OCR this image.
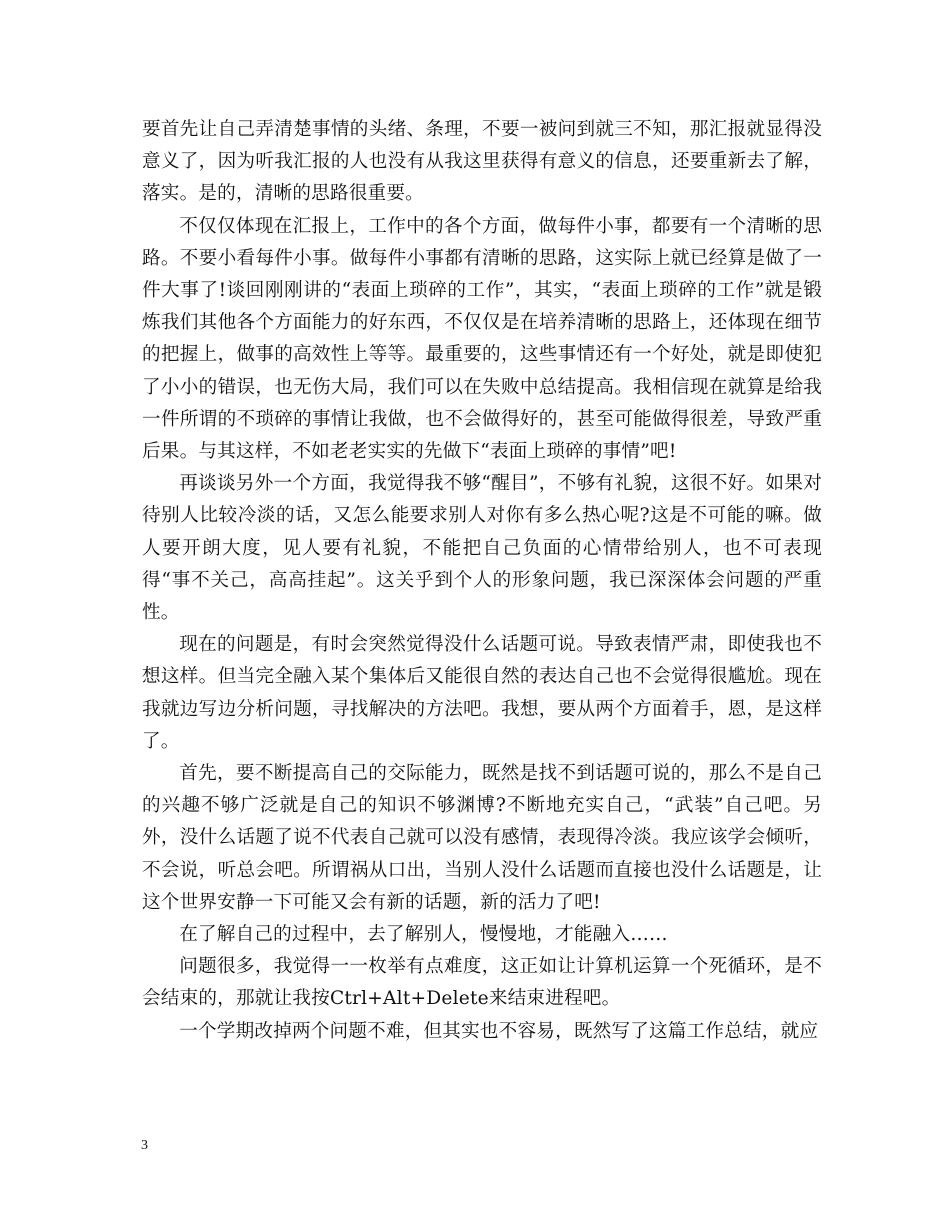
要首先让自己弄清楚事情的头绪、条理，不要一被问到就三不知，那汇报就显得没意义了，因为听我汇报的人也没有从我这里获得有意义的信息，还要重新去了解，落实。是的，清晰的思路很重要。

不仅仅体现在汇报上，工作中的各个方面，做每件小事，都要有一个清晰的思路。不要小看每件小事。做每件小事都有清晰的思路，这实际上就已经算是做了一件大事了!谈回刚刚讲的“表面上琐碎的工作”，其实，“表面上琐碎的工作”就是锻炼我们其他各个方面能力的好东西，不仅仅是在培养清晰的思路上，还体现在细节的把握上，做事的高效性上等等。最重要的，这些事情还有一个好处，就是即使犯了小小的错误，也无伤大局，我们可以在失败中总结提高。我相信现在就算是给我一件所谓的不琐碎的事情让我做，也不会做得好的，甚至可能做得很差，导致严重后果。与其这样，不如老老实实的先做下“表面上琐碎的事情”吧!

再谈谈另外一个方面，我觉得我不够“醒目”，不够有礼貌，这很不好。如果对待别人比较冷淡的话，又怎么能要求别人对你有多么热心呢?这是不可能的嘛。做人要开朗大度，见人要有礼貌，不能把自己负面的心情带给别人，也不可表现得“事不关己，高高挂起”。这关乎到个人的形象问题，我已深深体会问题的严重性。

现在的问题是，有时会突然觉得没什么话题可说。导致表情严肃，即使我也不想这样。但当完全融入某个集体后又能很自然的表达自己也不会觉得很尴尬。现在我就边写边分析问题，寻找解决的方法吧。我想，要从两个方面着手，恩，是这样了。

首先，要不断提高自己的交际能力，既然是找不到话题可说的，那么不是自己的兴趣不够广泛就是自己的知识不够渊博?不断地充实自己，“武装”自己吧。另外，没什么话题了说不代表自己就可以没有感情，表现得冷淡。我应该学会倾听，不会说，听总会吧。所谓祸从口出，当别人没什么话题而直接也没什么话题是，让这个世界安静一下可能又会有新的话题，新的活力了吧!

在了解自己的过程中，去了解别人，慢慢地，才能融入……

问题很多，我觉得一一枚举有点难度，这正如让计算机运算一个死循环，是不会结束的，那就让我按Ctrl+Alt+Delete来结束进程吧。

一个学期改掉两个问题不难，但其实也不容易，既然写了这篇工作总结，就应

3
